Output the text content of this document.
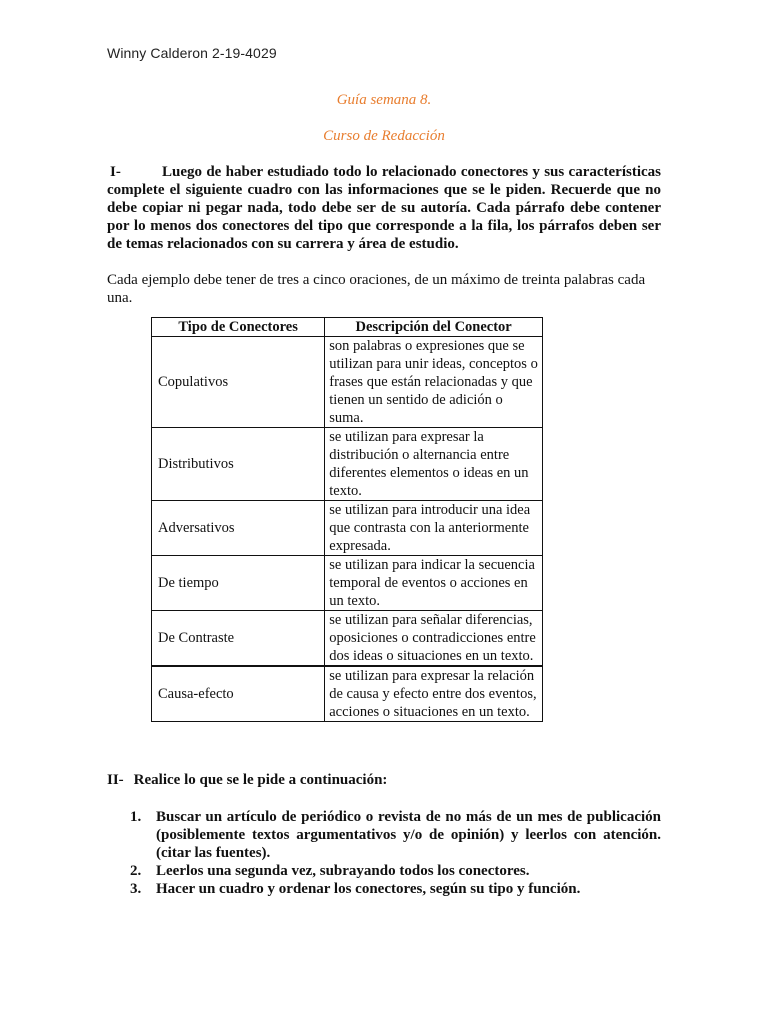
Winny Calderon 2-19-4029
Guía semana 8.
Curso de Redacción
I-	Luego de haber estudiado todo lo relacionado conectores y sus características complete el siguiente cuadro con las informaciones que se le piden. Recuerde que no debe copiar ni pegar nada, todo debe ser de su autoría. Cada párrafo debe contener por lo menos dos conectores del tipo que corresponde a la fila, los párrafos deben ser de temas relacionados con su carrera y área de estudio.
Cada ejemplo debe tener de tres a cinco oraciones, de un máximo de treinta palabras cada una.
Tipo de Conectores	Descripción del Conector
Copulativos	son palabras o expresiones que se utilizan para unir ideas, conceptos o frases que están relacionadas y que tienen un sentido de adición o suma.
Distributivos	se utilizan para expresar la distribución o alternancia entre diferentes elementos o ideas en un texto.
Adversativos	se utilizan para introducir una idea que contrasta con la anteriormente expresada.
De tiempo	se utilizan para indicar la secuencia temporal de eventos o acciones en un texto.
De Contraste	se utilizan para señalar diferencias, oposiciones o contradicciones entre dos ideas o situaciones en un texto.
Causa-efecto	se utilizan para expresar la relación de causa y efecto entre dos eventos, acciones o situaciones en un texto.
II- Realice lo que se le pide a continuación:
1. Buscar un artículo de periódico o revista de no más de un mes de publicación (posiblemente textos argumentativos y/o de opinión) y leerlos con atención. (citar las fuentes).
2. Leerlos una segunda vez, subrayando todos los conectores.
3. Hacer un cuadro y ordenar los conectores, según su tipo y función.
